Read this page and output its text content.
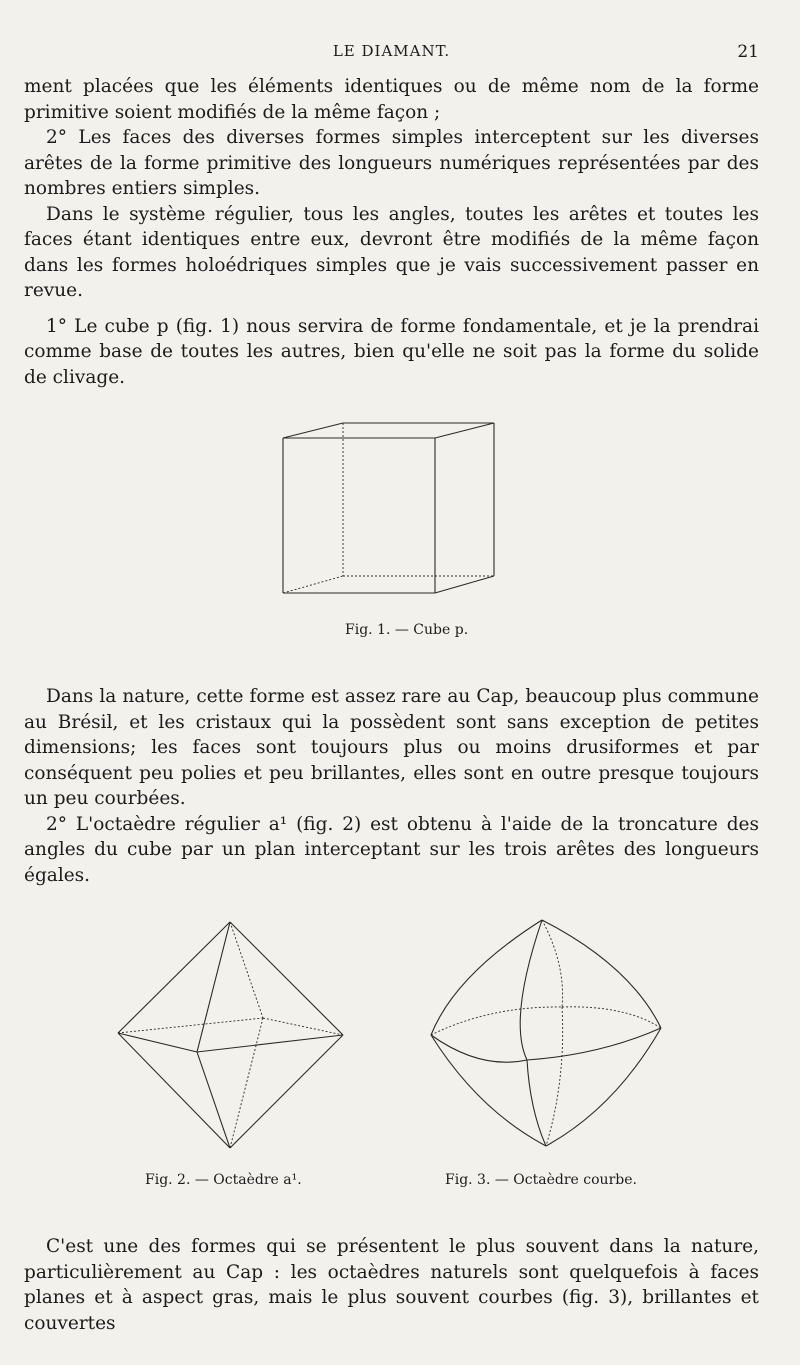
LE DIAMANT.	21

ment placées que les éléments identiques ou de même nom de la forme primitive soient modifiés de la même façon ;

2° Les faces des diverses formes simples interceptent sur les diverses arêtes de la forme primitive des longueurs numériques représentées par des nombres entiers simples.

Dans le système régulier, tous les angles, toutes les arêtes et toutes les faces étant identiques entre eux, devront être modifiés de la même façon dans les formes holoédriques simples que je vais successivement passer en revue.

1° Le cube p (fig. 1) nous servira de forme fondamentale, et je la prendrai comme base de toutes les autres, bien qu'elle ne soit pas la forme du solide de clivage.

Fig. 1. — Cube p.

Dans la nature, cette forme est assez rare au Cap, beaucoup plus commune au Brésil, et les cristaux qui la possèdent sont sans exception de petites dimensions; les faces sont toujours plus ou moins drusiformes et par conséquent peu polies et peu brillantes, elles sont en outre presque toujours un peu courbées.

2° L'octaèdre régulier a¹ (fig. 2) est obtenu à l'aide de la troncature des angles du cube par un plan interceptant sur les trois arêtes des longueurs égales.

Fig. 2. — Octaèdre a¹.	Fig. 3. — Octaèdre courbe.

C'est une des formes qui se présentent le plus souvent dans la nature, particulièrement au Cap : les octaèdres naturels sont quelquefois à faces planes et à aspect gras, mais le plus souvent courbes (fig. 3), brillantes et couvertes
